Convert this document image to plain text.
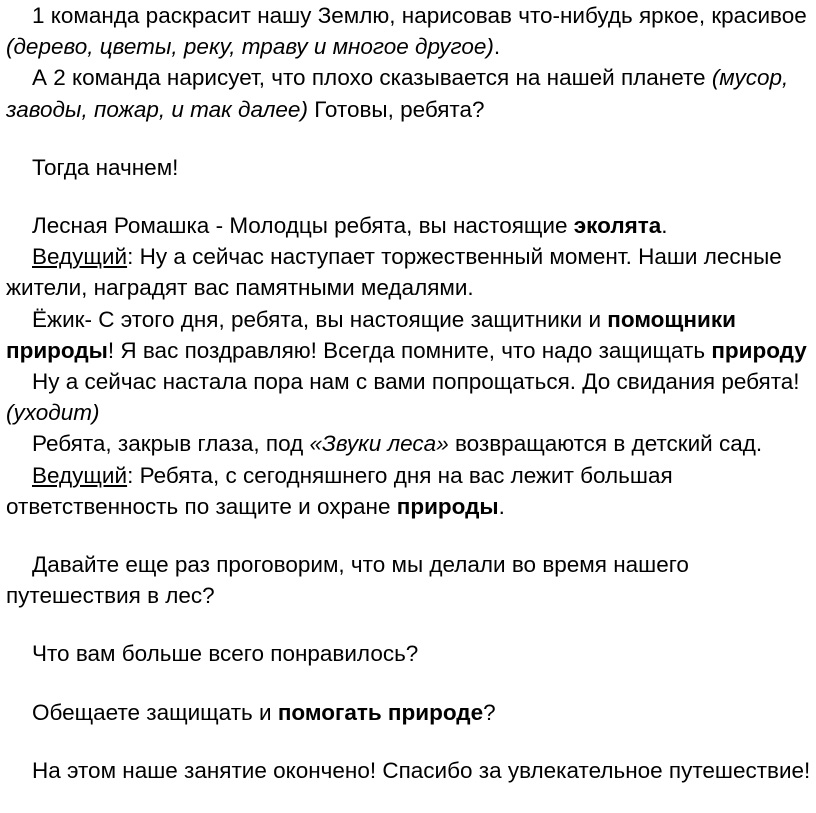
1 команда раскрасит нашу Землю, нарисовав что-нибудь яркое, красивое (дерево, цветы, реку, траву и многое другое).

А 2 команда нарисует, что плохо сказывается на нашей планете (мусор, заводы, пожар, и так далее) Готовы, ребята?

Тогда начнем!

Лесная Ромашка - Молодцы ребята, вы настоящие эколята.

Ведущий: Ну а сейчас наступает торжественный момент. Наши лесные жители, наградят вас памятными медалями.

Ёжик- С этого дня, ребята, вы настоящие защитники и помощники природы! Я вас поздравляю! Всегда помните, что надо защищать природу

Ну а сейчас настала пора нам с вами попрощаться. До свидания ребята! (уходит)

Ребята, закрыв глаза, под «Звуки леса» возвращаются в детский сад.

Ведущий: Ребята, с сегодняшнего дня на вас лежит большая ответственность по защите и охране природы.

Давайте еще раз проговорим, что мы делали во время нашего путешествия в лес?

Что вам больше всего понравилось?

Обещаете защищать и помогать природе?

На этом наше занятие окончено! Спасибо за увлекательное путешествие!
